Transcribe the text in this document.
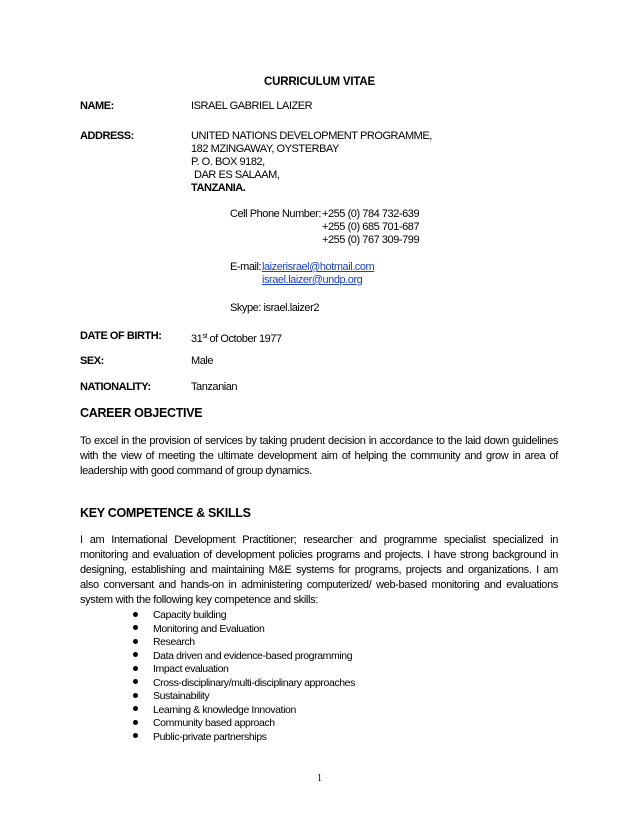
CURRICULUM VITAE
NAME:	ISRAEL GABRIEL LAIZER
ADDRESS:	UNITED NATIONS DEVELOPMENT PROGRAMME,
182 MZINGAWAY, OYSTERBAY
P. O. BOX 9182,
DAR ES SALAAM,
TANZANIA.
Cell Phone Number: +255 (0) 784 732-639
+255 (0) 685 701-687
+255 (0) 767 309-799
E-mail: laizerisrael@hotmail.com
israel.laizer@undp.org
Skype: israel.laizer2
DATE OF BIRTH:	31st of October 1977
SEX:	Male
NATIONALITY:	Tanzanian
CAREER OBJECTIVE
To excel in the provision of services by taking prudent decision in accordance to the laid down guidelines
with the view of meeting the ultimate development aim of helping the community and grow in area of
leadership with good command of group dynamics.
KEY COMPETENCE & SKILLS
I am International Development Practitioner; researcher and programme specialist specialized in
monitoring and evaluation of development policies programs and projects. I have strong background in
designing, establishing and maintaining M&E systems for programs, projects and organizations. I am
also conversant and hands-on in administering computerized/ web-based monitoring and evaluations
system with the following key competence and skills:
Capacity building
Monitoring and Evaluation
Research
Data driven and evidence-based programming
Impact evaluation
Cross-disciplinary/multi-disciplinary approaches
Sustainability
Learning & knowledge Innovation
Community based approach
Public-private partnerships
1
